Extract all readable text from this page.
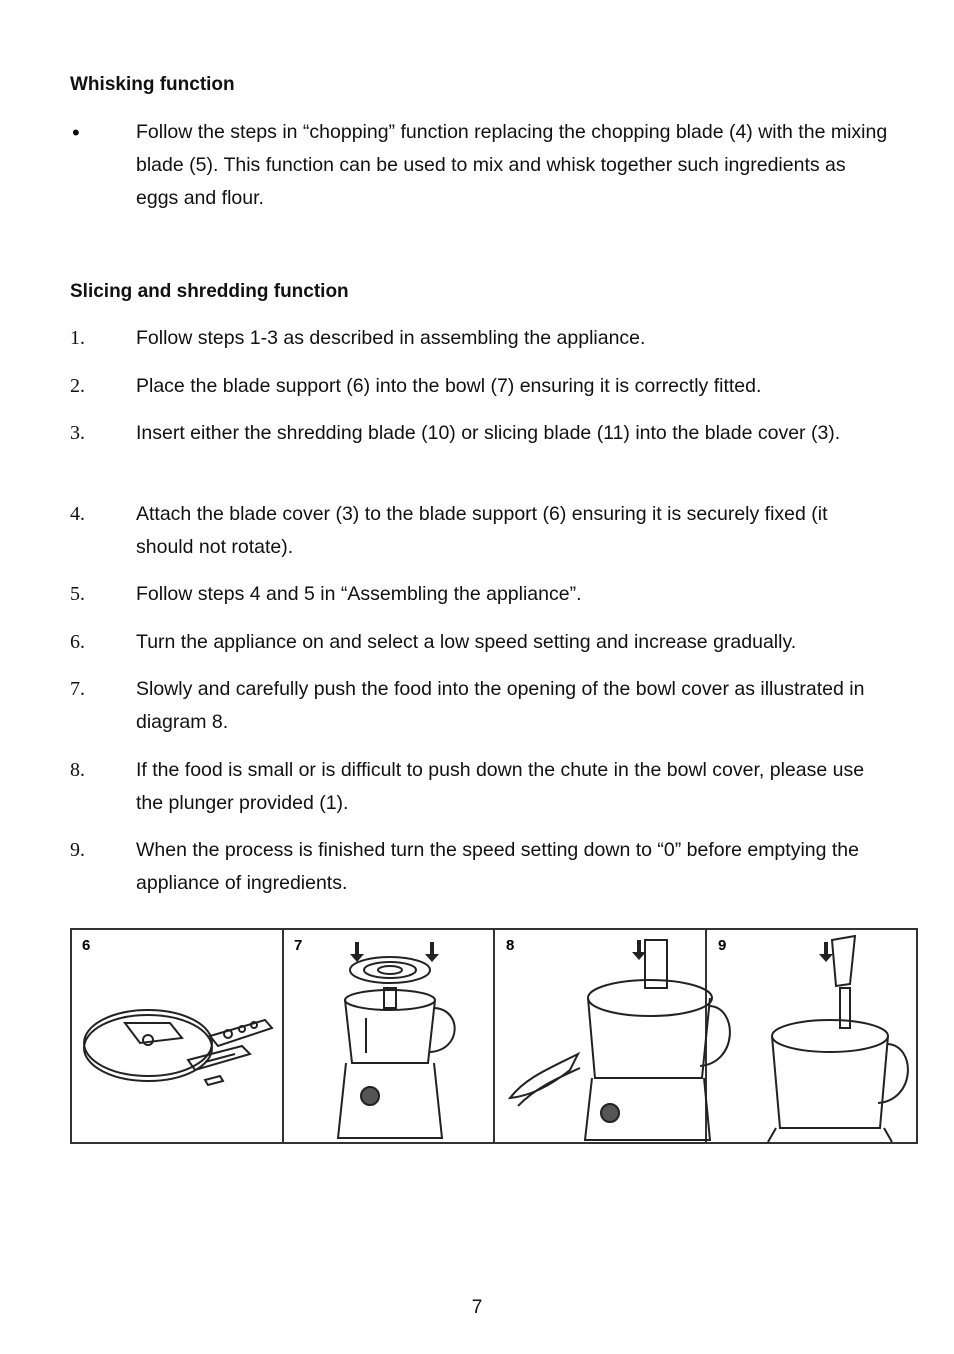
Whisking function
•	Follow the steps in “chopping” function replacing the chopping blade (4) with the mixing blade (5). This function can be used to mix and whisk together such ingredients as eggs and flour.
Slicing and shredding function
1.	Follow steps 1-3 as described in assembling the appliance.
2.	Place the blade support (6) into the bowl (7) ensuring it is correctly fitted.
3.	Insert either the shredding blade (10) or slicing blade (11) into the blade cover (3).
4.	Attach the blade cover (3) to the blade support (6) ensuring it is securely fixed (it should not rotate).
5.	Follow steps 4 and 5 in “Assembling the appliance”.
6.	Turn the appliance on and select a low speed setting and increase gradually.
7.	Slowly and carefully push the food into the opening of the bowl cover as illustrated in diagram 8.
8.	If the food is small or is difficult to push down the chute in the bowl cover, please use the plunger provided (1).
9.	When the process is finished turn the speed setting down to “0” before emptying the appliance of ingredients.
6	7	8	9
7
